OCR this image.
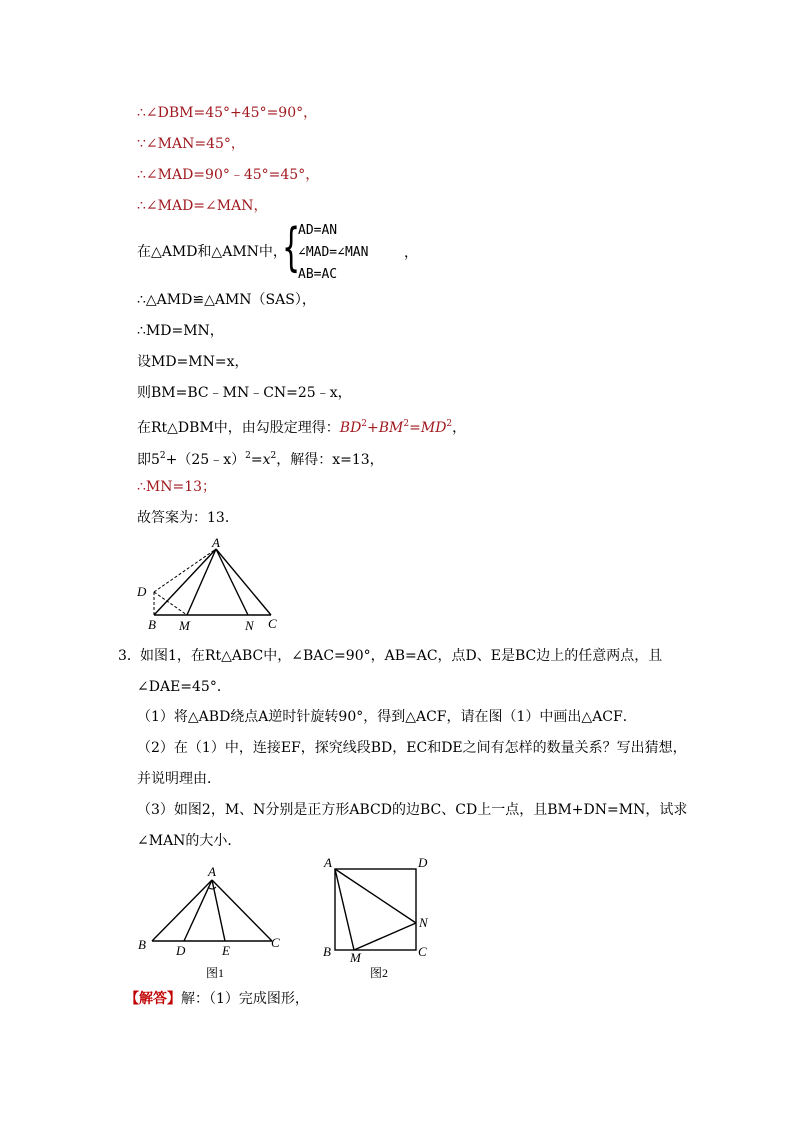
∴∠DBM=45°+45°=90°，
∵∠MAN=45°，
∴∠MAD=90°﹣45°=45°，
∴∠MAD=∠MAN，
在△AMD和△AMN中，
{
AD=AN
∠MAD=∠MAN
AB=AC
，
∴△AMD≌△AMN（SAS），
∴MD=MN，
设MD=MN=x，
则BM=BC﹣MN﹣CN=25﹣x，
在Rt△DBM中，由勾股定理得：$BD^2+BM^2=MD^2$，
即$5^2+(25﹣x)^2=x^2$，解得：x=13，
∴MN=13；
故答案为：13．
A
D
B M	N C
3． 如图1，在Rt△ABC中，∠BAC=90°，AB=AC，点D、E是BC边上的任意两点，且
∠DAE=45°．
（1）将△ABD绕点A逆时针旋转90°，得到△ACF，请在图（1）中画出△ACF．
（2）在（1）中，连接EF，探究线段BD，EC和DE之间有怎样的数量关系？写出猜想，
并说明理由．
（3）如图2，M、N分别是正方形ABCD的边BC、CD上一点，且BM+DN=MN，试求
∠MAN的大小．
A
B D	E
C
图1
A	D
N
B M	C
图2
【解答】解：（1）完成图形，
